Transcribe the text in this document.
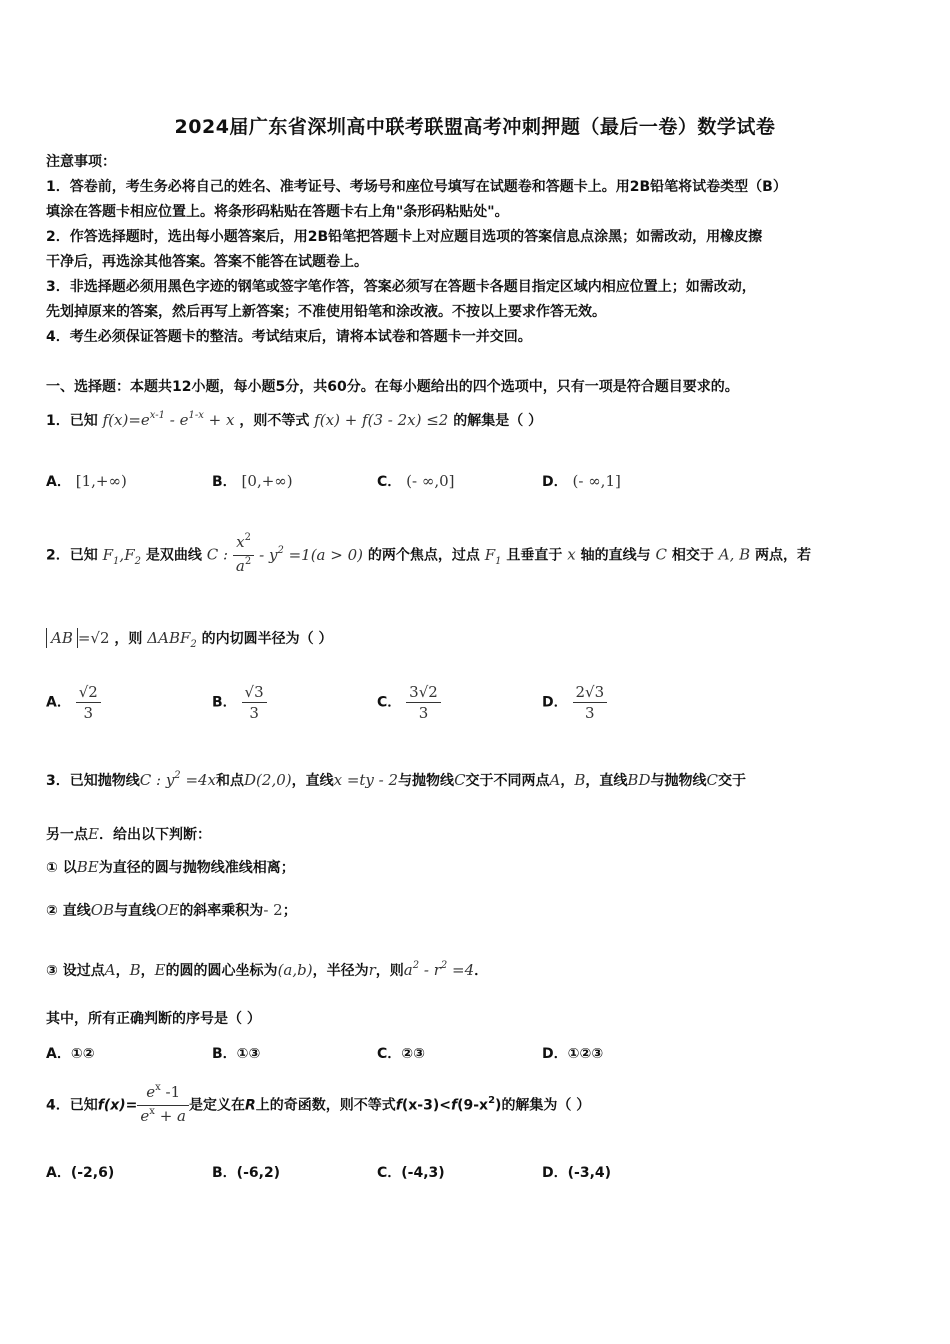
2024届广东省深圳高中联考联盟高考冲刺押题（最后一卷）数学试卷
注意事项：
1．答卷前，考生务必将自己的姓名、准考证号、考场号和座位号填写在试题卷和答题卡上。用2B铅笔将试卷类型（B）
填涂在答题卡相应位置上。将条形码粘贴在答题卡右上角"条形码粘贴处"。
2．作答选择题时，选出每小题答案后，用2B铅笔把答题卡上对应题目选项的答案信息点涂黑；如需改动，用橡皮擦
干净后，再选涂其他答案。答案不能答在试题卷上。
3．非选择题必须用黑色字迹的钢笔或签字笔作答，答案必须写在答题卡各题目指定区域内相应位置上；如需改动，
先划掉原来的答案，然后再写上新答案；不准使用铅笔和涂改液。不按以上要求作答无效。
4．考生必须保证答题卡的整洁。考试结束后，请将本试卷和答题卡一并交回。
一、选择题：本题共12小题，每小题5分，共60分。在每小题给出的四个选项中，只有一项是符合题目要求的。
1．已知 $f(x)=e^{x-1} - e^{1-x} + x$ ，则不等式 f(x) + f(3 - 2x) ≤2 的解集是（ ）
A． [1,+∞)	B． [0,+∞)	C． (- ∞,0]	D． (- ∞,1]
2．已知 $F_1,F_2$ 是双曲线 C : $\frac{x^2}{a^2} - y^2 =1(a > 0)$ 的两个焦点，过点 $F_1$ 且垂直于 x 轴的直线与 C 相交于 A, B 两点，若
AB =√2 ，则 $\Delta ABF_2$ 的内切圆半径为（ ）
A． $\frac{√2}{3}$	B． $\frac{√3}{3}$	C． $\frac{3√2}{3}$	D． $\frac{2√3}{3}$
3．已知抛物线C : $y^2 =4x$和点D(2,0)，直线x =ty - 2与抛物线C交于不同两点A，B，直线BD与抛物线C交于
另一点E．给出以下判断：
① 以BE为直径的圆与抛物线准线相离；
② 直线OB与直线OE的斜率乘积为- 2；
③ 设过点A，B，E的圆的圆心坐标为(a,b)，半径为r，则$a^2 - r^2 =4$．
其中，所有正确判断的序号是（ ）
A．①②	B．①③	C．②③	D．①②③
4．已知$f(x)= \frac{e^x -1}{e^x + a}$ 是定义在R上的奇函数，则不等式$f(x-3)<f(9-x^2)$的解集为（ ）
A．(-2,6)	B．(-6,2)	C．(-4,3)	D．(-3,4)
